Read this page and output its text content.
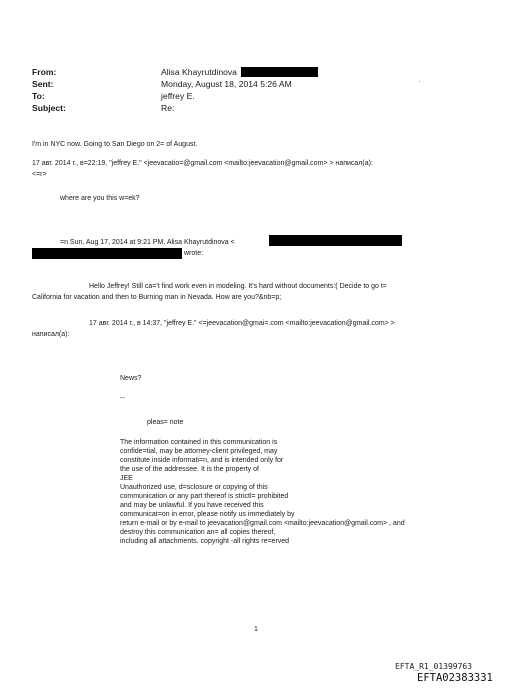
From:
Sent:
To:
Subject:
Alisa Khayrutdinova
Monday, August 18, 2014 5:26 AM
jeffrey E.
Re:
·
I'm in NYC now. Going to San Diego on 2= of August.
17 авг. 2014 г., в=22:19, "jeffrey E." <jeevacatio=@gmail.com <mailto:jeevacation@gmail.com> > написал(а):
<=r>
where are you this w=ek?
=n Sun, Aug 17, 2014 at 9:21 PM, Alisa Khayrutdinova <
wrote:
Hello Jeffrey! Still ca='t find work even in modeling. It's hard without documents:( Decide to go t=
California for vacation and then to Burning man in Nevada. How are you?&nb=p;
17 авг. 2014 г., в 14:37, "jeffrey E." <=jeevacation@gmai=.com <mailto:jeevacation@gmail.com> >
написал(а):
News?
--
pleas= note
The information contained in this communication is
confide=tial, may be attorney-client privileged, may
constitute inside informati=n, and is intended only for
the use of the addressee. It is the property of
JEE
Unauthorized use, d=sclosure or copying of this
communication or any part thereof is strictl= prohibited
and may be unlawful. If you have received this
communicat=on in error, please notify us immediately by
return e-mail or by e-mail to jeevacation@gmail.com <mailto:jeevacation@gmail.com> , and
destroy this communication an= all copies thereof,
including all attachments. copyright -all rights re=erved
1
EFTA_R1_01399763
EFTA02383331
